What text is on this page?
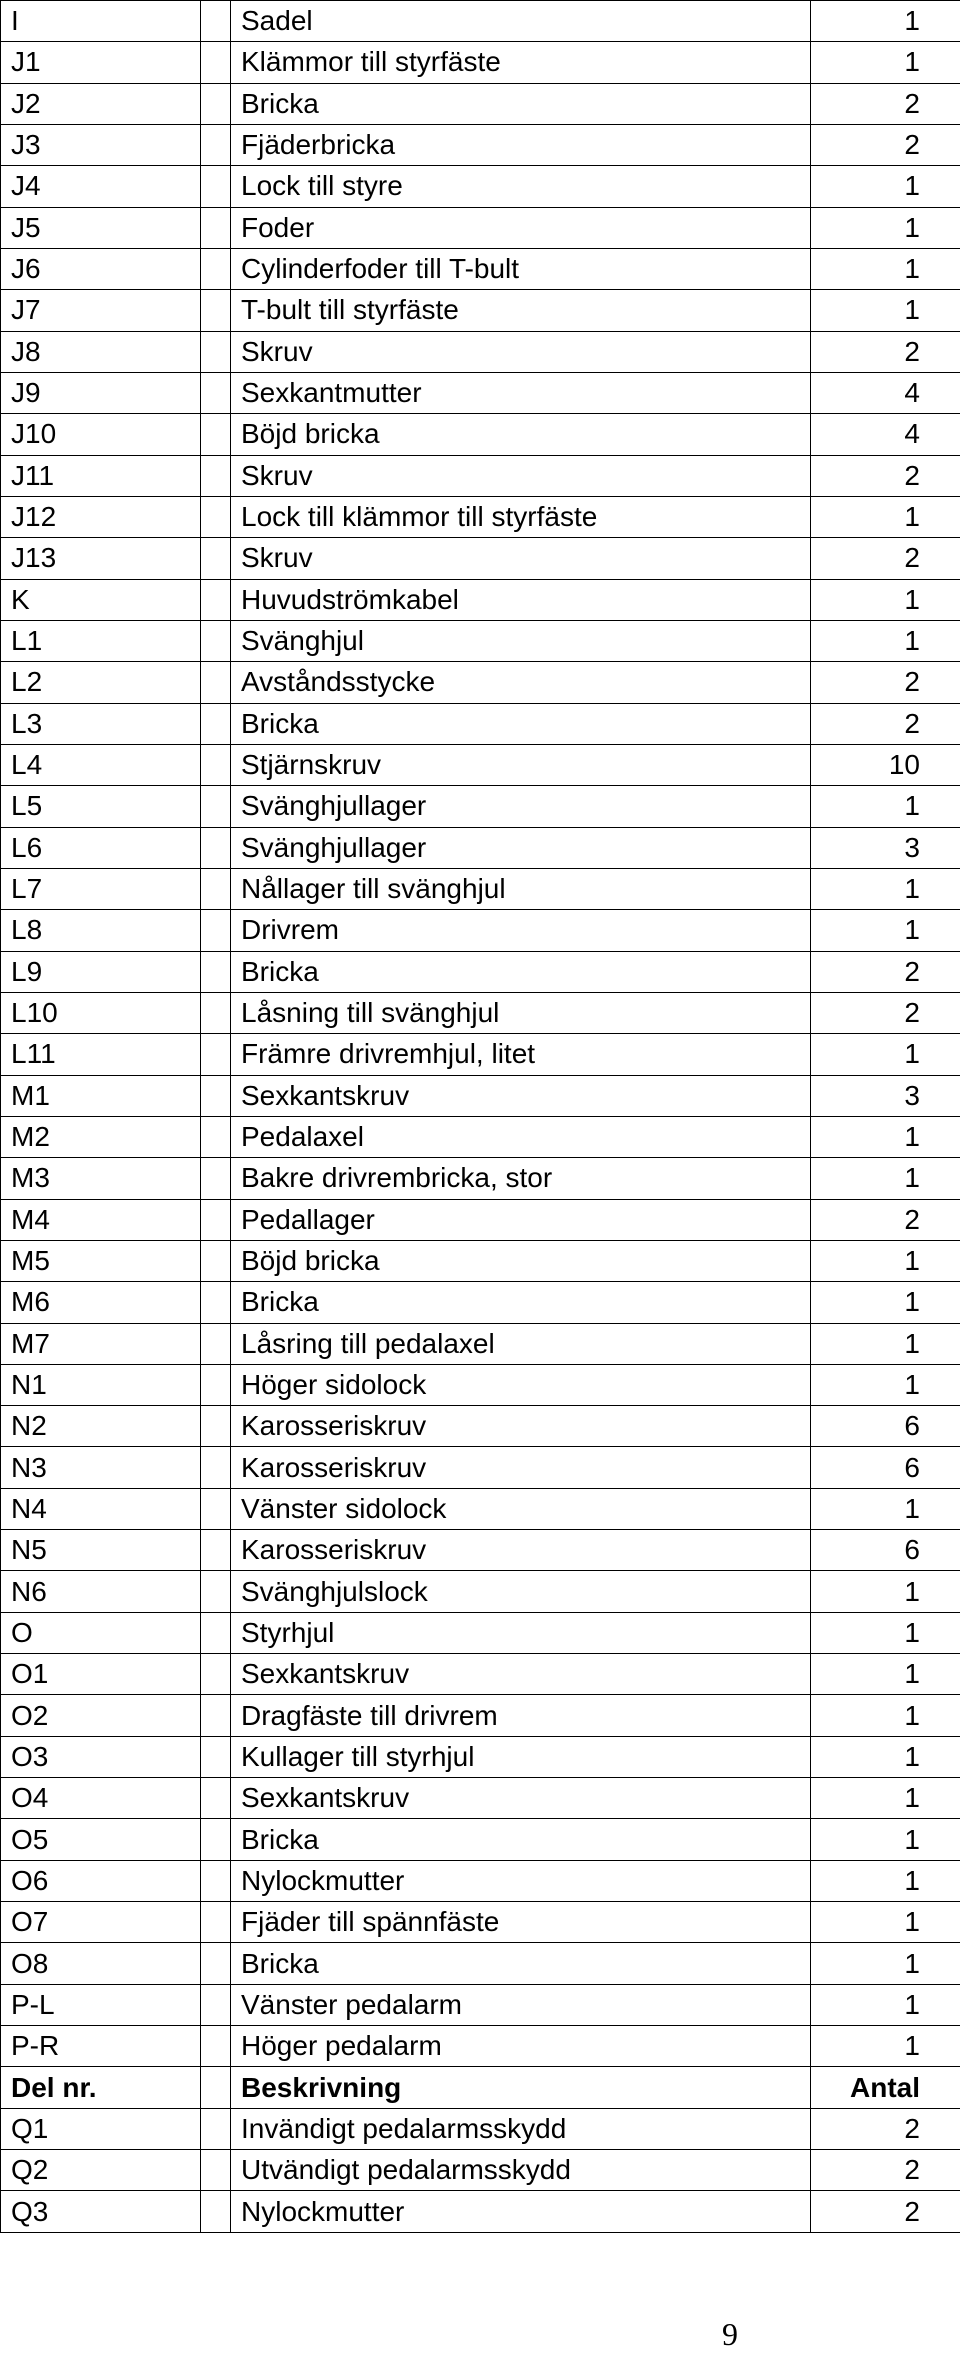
I		Sadel	1
J1		Klämmor till styrfäste	1
J2		Bricka	2
J3		Fjäderbricka	2
J4		Lock till styre	1
J5		Foder	1
J6		Cylinderfoder till T-bult	1
J7		T-bult till styrfäste	1
J8		Skruv	2
J9		Sexkantmutter	4
J10		Böjd bricka	4
J11		Skruv	2
J12		Lock till klämmor till styrfäste	1
J13		Skruv	2
K		Huvudströmkabel	1
L1		Svänghjul	1
L2		Avståndsstycke	2
L3		Bricka	2
L4		Stjärnskruv	10
L5		Svänghjullager	1
L6		Svänghjullager	3
L7		Nållager till svänghjul	1
L8		Drivrem	1
L9		Bricka	2
L10		Låsning till svänghjul	2
L11		Främre drivremhjul, litet	1
M1		Sexkantskruv	3
M2		Pedalaxel	1
M3		Bakre drivrembricka, stor	1
M4		Pedallager	2
M5		Böjd bricka	1
M6		Bricka	1
M7		Låsring till pedalaxel	1
N1		Höger sidolock	1
N2		Karosseriskruv	6
N3		Karosseriskruv	6
N4		Vänster sidolock	1
N5		Karosseriskruv	6
N6		Svänghjulslock	1
O		Styrhjul	1
O1		Sexkantskruv	1
O2		Dragfäste till drivrem	1
O3		Kullager till styrhjul	1
O4		Sexkantskruv	1
O5		Bricka	1
O6		Nylockmutter	1
O7		Fjäder till spännfäste	1
O8		Bricka	1
P-L		Vänster pedalarm	1
P-R		Höger pedalarm	1
Del nr.		Beskrivning	Antal
Q1		Invändigt pedalarmsskydd	2
Q2		Utvändigt pedalarmsskydd	2
Q3		Nylockmutter	2
9
